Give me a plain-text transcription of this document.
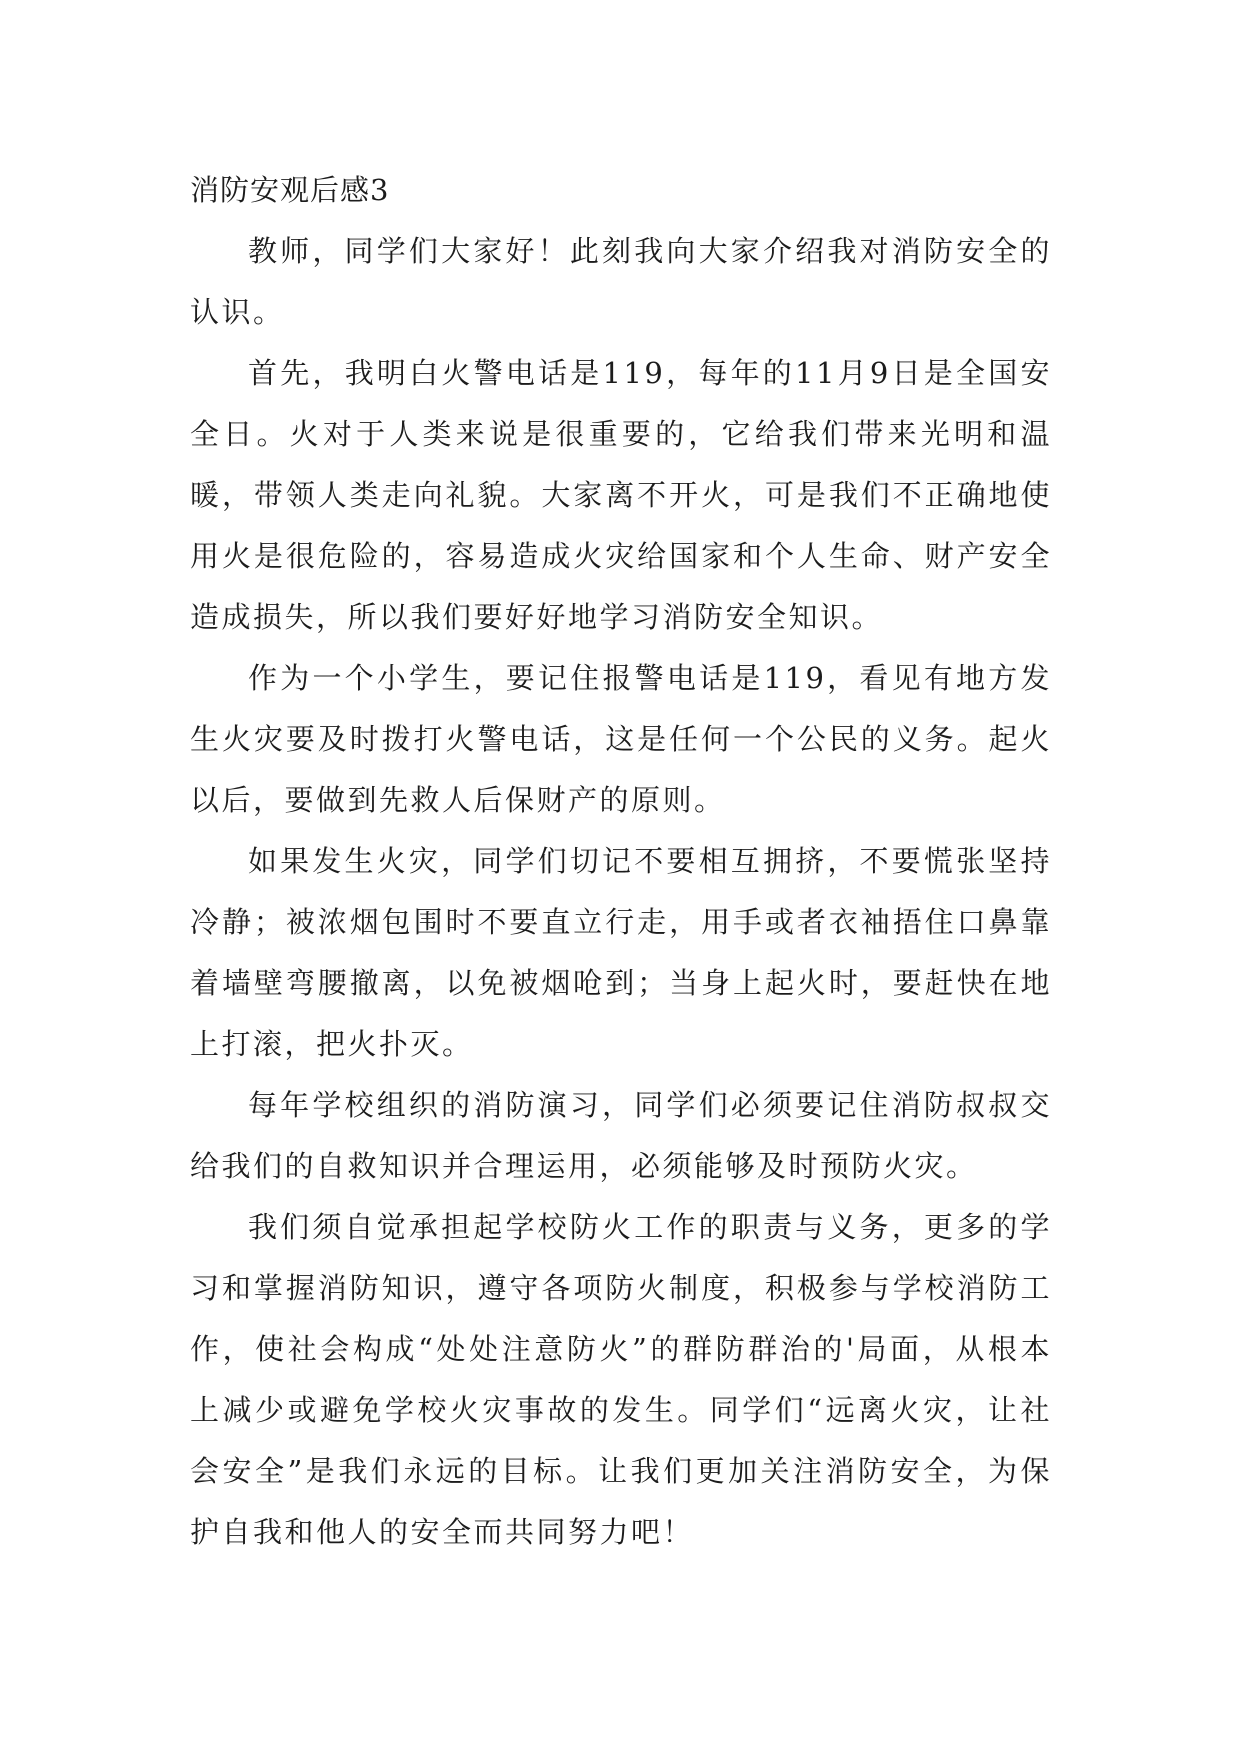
消防安观后感3

教师，同学们大家好！此刻我向大家介绍我对消防安全的认识。

首先，我明白火警电话是119，每年的11月9日是全国安全日。火对于人类来说是很重要的，它给我们带来光明和温暖，带领人类走向礼貌。大家离不开火，可是我们不正确地使用火是很危险的，容易造成火灾给国家和个人生命、财产安全造成损失，所以我们要好好地学习消防安全知识。

作为一个小学生，要记住报警电话是119，看见有地方发生火灾要及时拨打火警电话，这是任何一个公民的义务。起火以后，要做到先救人后保财产的原则。

如果发生火灾，同学们切记不要相互拥挤，不要慌张坚持冷静；被浓烟包围时不要直立行走，用手或者衣袖捂住口鼻靠着墙壁弯腰撤离，以免被烟呛到；当身上起火时，要赶快在地上打滚，把火扑灭。

每年学校组织的消防演习，同学们必须要记住消防叔叔交给我们的自救知识并合理运用，必须能够及时预防火灾。

我们须自觉承担起学校防火工作的职责与义务，更多的学习和掌握消防知识，遵守各项防火制度，积极参与学校消防工作，使社会构成“处处注意防火”的群防群治的'局面，从根本上减少或避免学校火灾事故的发生。同学们“远离火灾，让社会安全”是我们永远的目标。让我们更加关注消防安全，为保护自我和他人的安全而共同努力吧！
